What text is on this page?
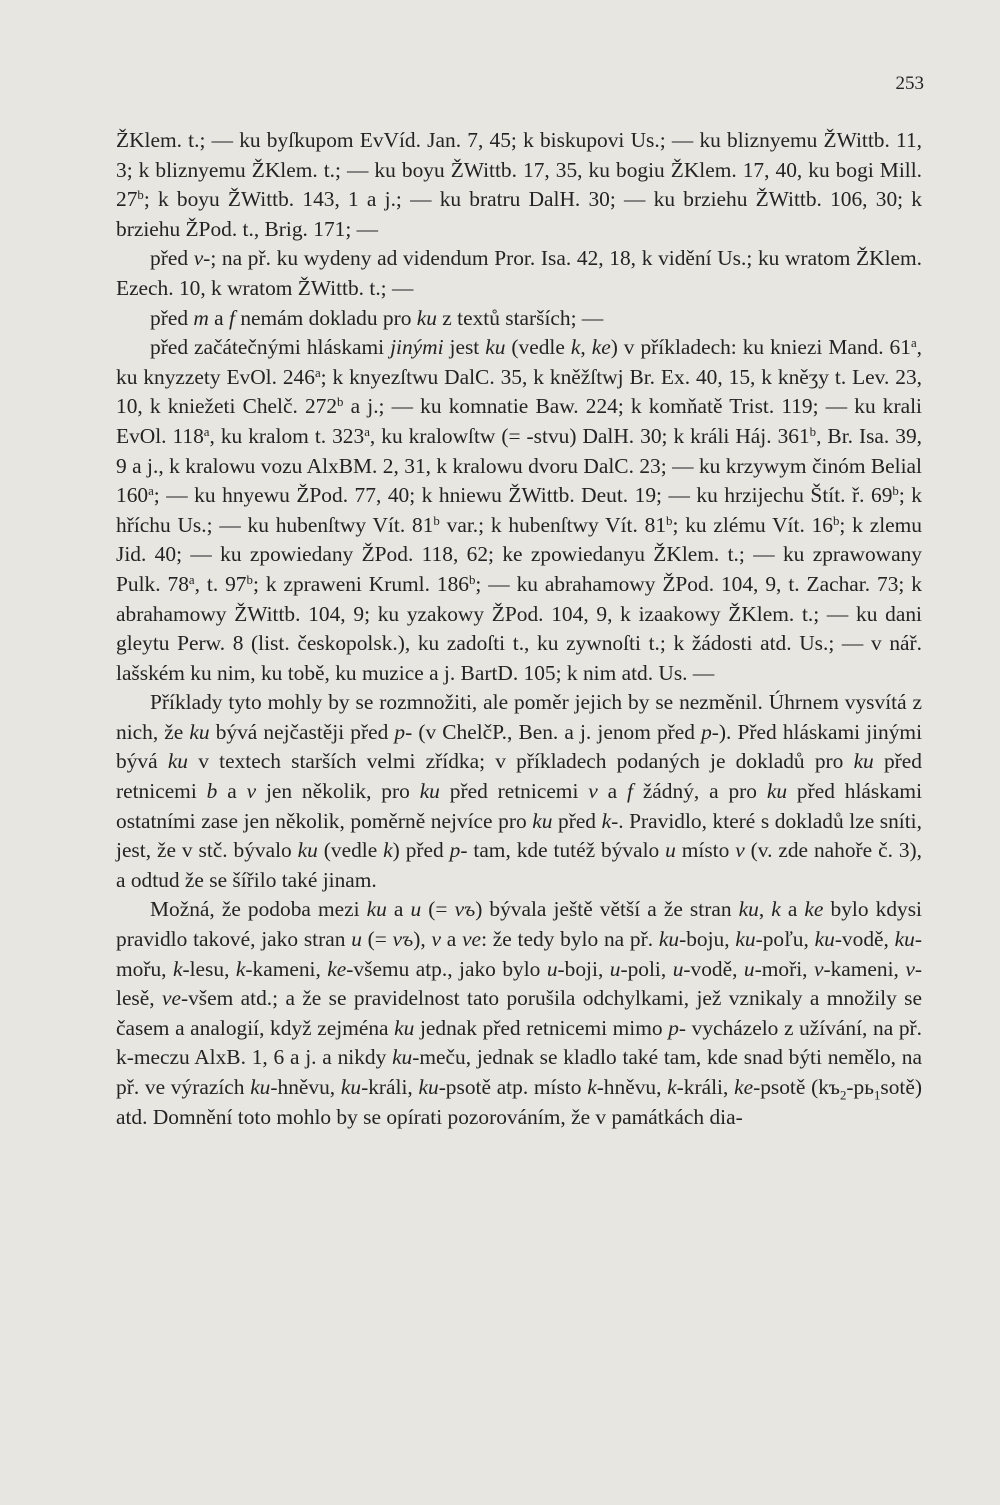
253

ŽKlem. t.; — ku byſkupom EvVíd. Jan. 7, 45; k biskupovi Us.; — ku bliznyemu ŽWittb. 11, 3; k bliznyemu ŽKlem. t.; — ku boyu ŽWittb. 17, 35, ku bogiu ŽKlem. 17, 40, ku bogi Mill. 27$^b$; k boyu ŽWittb. 143, 1 a j.; — ku bratru DalH. 30; — ku brziehu ŽWittb. 106, 30; k brziehu ŽPod. t., Brig. 171; —

před v-; na př. ku wydeny ad videndum Pror. Isa. 42, 18, k vidění Us.; ku wratom ŽKlem. Ezech. 10, k wratom ŽWittb. t.; —

před m a f nemám dokladu pro ku z textů starších; —

před začátečnými hláskami jinými jest ku (vedle k, ke) v příkladech: ku kniezi Mand. 61$^a$, ku knyzzety EvOl. 246$^a$; k knyezſtwu DalC. 35, k kněžſtwj Br. Ex. 40, 15, k kněʒy t. Lev. 23, 10, k kniežeti Chelč. 272$^b$ a j.; — ku komnatie Baw. 224; k komňatě Trist. 119; — ku krali EvOl. 118$^a$, ku kralom t. 323$^a$, ku kralowſtw (= -stvu) DalH. 30; k králi Háj. 361$^b$, Br. Isa. 39, 9 a j., k kralowu vozu AlxBM. 2, 31, k kralowu dvoru DalC. 23; — ku krzywym činóm Belial 160$^a$; — ku hnyewu ŽPod. 77, 40; k hniewu ŽWittb. Deut. 19; — ku hrzijechu Štít. ř. 69$^b$; k hříchu Us.; — ku hubenſtwy Vít. 81$^b$ var.; k hubenſtwy Vít. 81$^b$; ku zlému Vít. 16$^b$; k zlemu Jid. 40; — ku zpowiedany ŽPod. 118, 62; ke zpowiedanyu ŽKlem. t.; — ku zprawowany Pulk. 78$^a$, t. 97$^b$; k zpraweni Kruml. 186$^b$; — ku abrahamowy ŽPod. 104, 9, t. Zachar. 73; k abrahamowy ŽWittb. 104, 9; ku yzakowy ŽPod. 104, 9, k izaakowy ŽKlem. t.; — ku dani gleytu Perw. 8 (list. českopolsk.), ku zadoſti t., ku zywnoſti t.; k žádosti atd. Us.; — v nář. lašském ku nim, ku tobě, ku muzice a j. BartD. 105; k nim atd. Us. —

Příklady tyto mohly by se rozmnožiti, ale poměr jejich by se nezměnil. Úhrnem vysvítá z nich, že ku bývá nejčastěji před p- (v ChelčP., Ben. a j. jenom před p-). Před hláskami jinými bývá ku v textech starších velmi zřídka; v příkladech podaných je dokladů pro ku před retnicemi b a v jen několik, pro ku před retnicemi v a f žádný, a pro ku před hláskami ostatními zase jen několik, poměrně nejvíce pro ku před k-. Pravidlo, které s dokladů lze sníti, jest, že v stč. bývalo ku (vedle k) před p- tam, kde tutéž bývalo u místo v (v. zde nahoře č. 3), a odtud že se šířilo také jinam.

Možná, že podoba mezi ku a u (= vъ) bývala ještě větší a že stran ku, k a ke bylo kdysi pravidlo takové, jako stran u (= vъ), v a ve: že tedy bylo na př. ku-boju, ku-poľu, ku-vodě, ku-mořu, k-lesu, k-kameni, ke-všemu atp., jako bylo u-boji, u-poli, u-vodě, u-moři, v-kameni, v-lesě, ve-všem atd.; a že se pravidelnost tato porušila odchylkami, jež vznikaly a množily se časem a analogií, když zejména ku jednak před retnicemi mimo p- vycházelo z užívání, na př. k-meczu AlxB. 1, 6 a j. a nikdy ku-meču, jednak se kladlo také tam, kde snad býti nemělo, na př. ve výrazích ku-hněvu, ku-králi, ku-psotě atp. místo k-hněvu, k-králi, ke-psotě $(kъ_2-pь_1sotě)$ atd. Domnění toto mohlo by se opírati pozorováním, že v památkách dia-
